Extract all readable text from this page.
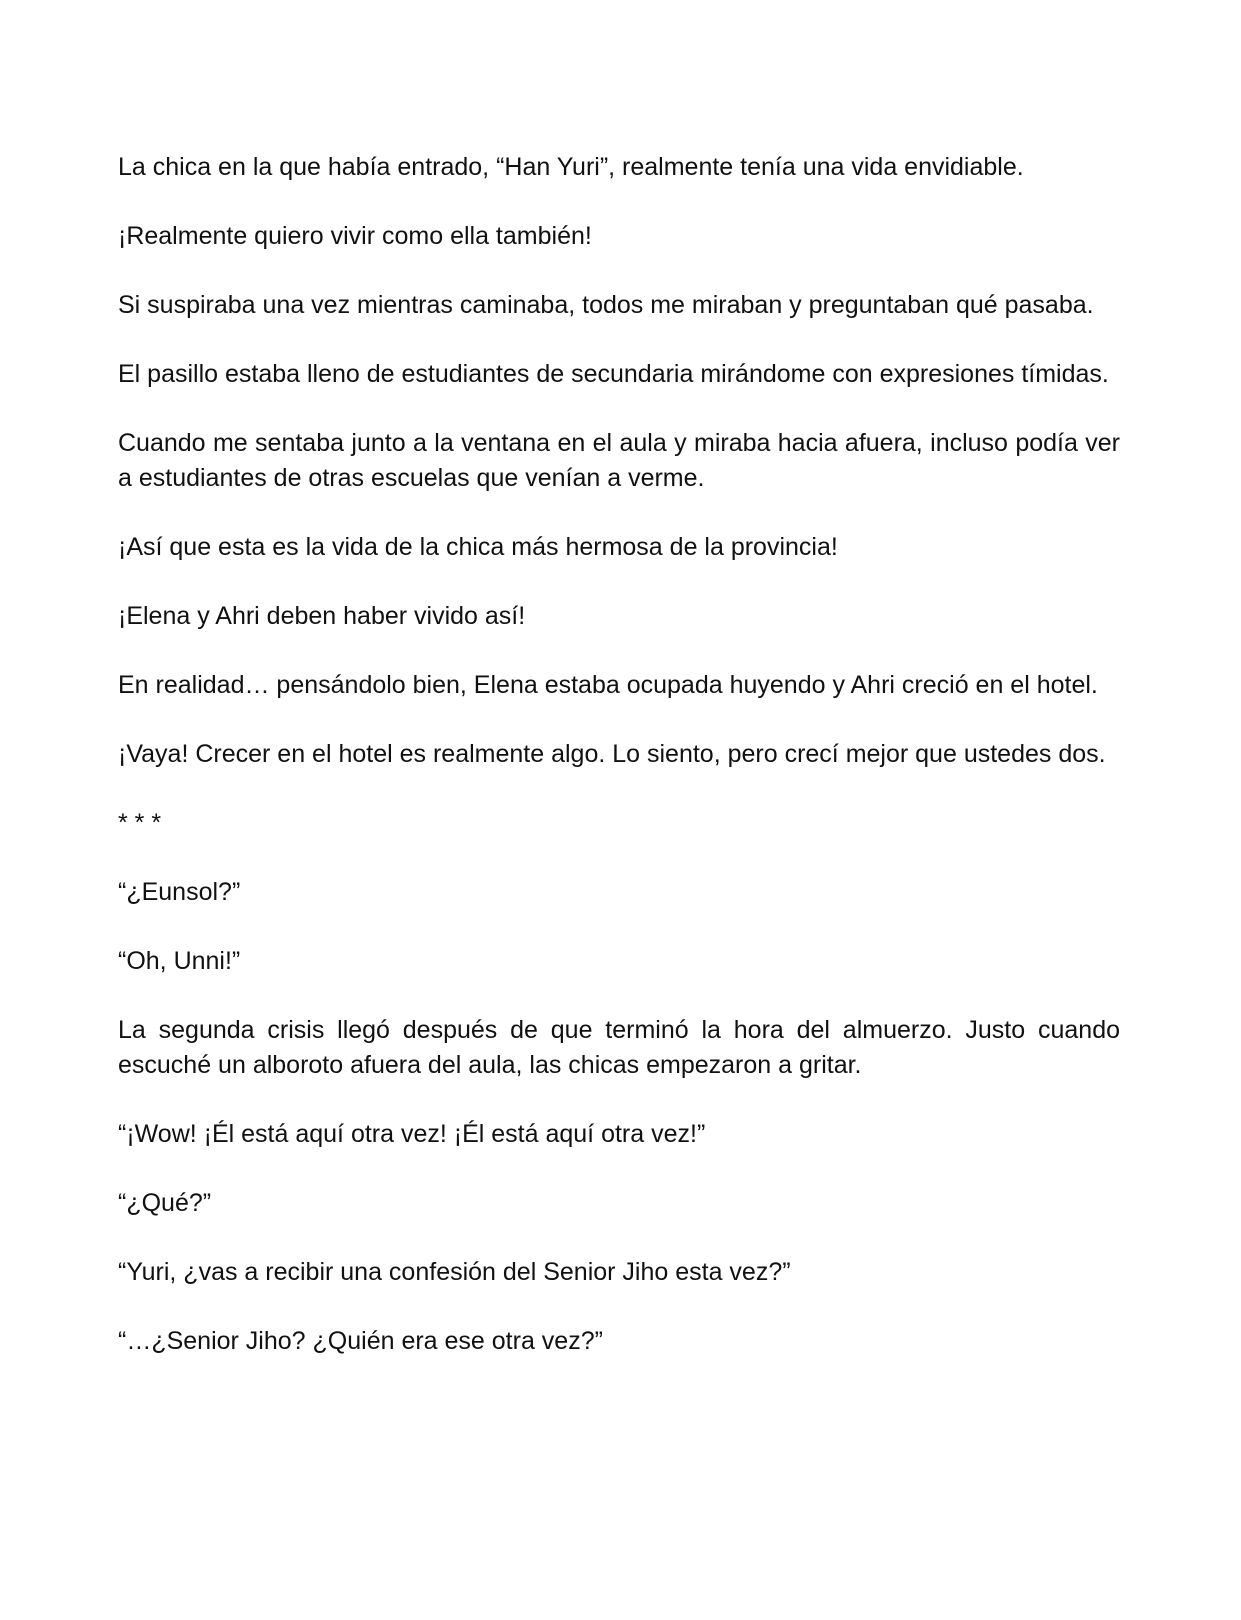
La chica en la que había entrado, “Han Yuri”, realmente tenía una vida envidiable.

¡Realmente quiero vivir como ella también!

Si suspiraba una vez mientras caminaba, todos me miraban y preguntaban qué pasaba.

El pasillo estaba lleno de estudiantes de secundaria mirándome con expresiones tímidas.

Cuando me sentaba junto a la ventana en el aula y miraba hacia afuera, incluso podía ver a estudiantes de otras escuelas que venían a verme.

¡Así que esta es la vida de la chica más hermosa de la provincia!

¡Elena y Ahri deben haber vivido así!

En realidad… pensándolo bien, Elena estaba ocupada huyendo y Ahri creció en el hotel.

¡Vaya! Crecer en el hotel es realmente algo. Lo siento, pero crecí mejor que ustedes dos.

* * *

“¿Eunsol?”

“Oh, Unni!”

La segunda crisis llegó después de que terminó la hora del almuerzo. Justo cuando escuché un alboroto afuera del aula, las chicas empezaron a gritar.

“¡Wow! ¡Él está aquí otra vez! ¡Él está aquí otra vez!”

“¿Qué?”

“Yuri, ¿vas a recibir una confesión del Senior Jiho esta vez?”

“…¿Senior Jiho? ¿Quién era ese otra vez?”
